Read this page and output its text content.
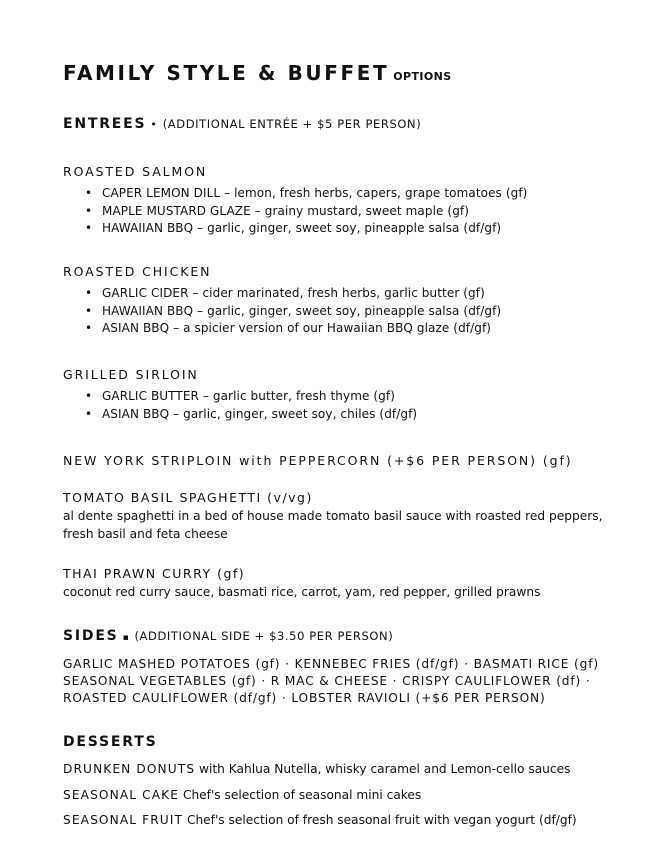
FAMILY STYLE & BUFFET OPTIONS
ENTREES • (ADDITIONAL ENTRÉE + $5 PER PERSON)
ROASTED SALMON
• CAPER LEMON DILL – lemon, fresh herbs, capers, grape tomatoes (gf)
• MAPLE MUSTARD GLAZE – grainy mustard, sweet maple (gf)
• HAWAIIAN BBQ – garlic, ginger, sweet soy, pineapple salsa (df/gf)
ROASTED CHICKEN
• GARLIC CIDER – cider marinated, fresh herbs, garlic butter (gf)
• HAWAIIAN BBQ – garlic, ginger, sweet soy, pineapple salsa (df/gf)
• ASIAN BBQ – a spicier version of our Hawaiian BBQ glaze (df/gf)
GRILLED SIRLOIN
• GARLIC BUTTER – garlic butter, fresh thyme (gf)
• ASIAN BBQ – garlic, ginger, sweet soy, chiles (df/gf)
NEW YORK STRIPLOIN with PEPPERCORN (+$6 PER PERSON) (gf)
TOMATO BASIL SPAGHETTI (v/vg)
al dente spaghetti in a bed of house made tomato basil sauce with roasted red peppers, fresh basil and feta cheese
THAI PRAWN CURRY (gf)
coconut red curry sauce, basmati rice, carrot, yam, red pepper, grilled prawns
SIDES ▪ (ADDITIONAL SIDE + $3.50 PER PERSON)
GARLIC MASHED POTATOES (gf) · KENNEBEC FRIES (df/gf) · BASMATI RICE (gf)
SEASONAL VEGETABLES (gf) · R MAC & CHEESE · CRISPY CAULIFLOWER (df) ·
ROASTED CAULIFLOWER (df/gf) · LOBSTER RAVIOLI (+$6 PER PERSON)
DESSERTS
DRUNKEN DONUTS with Kahlua Nutella, whisky caramel and Lemon-cello sauces
SEASONAL CAKE Chef's selection of seasonal mini cakes
SEASONAL FRUIT Chef's selection of fresh seasonal fruit with vegan yogurt (df/gf)
